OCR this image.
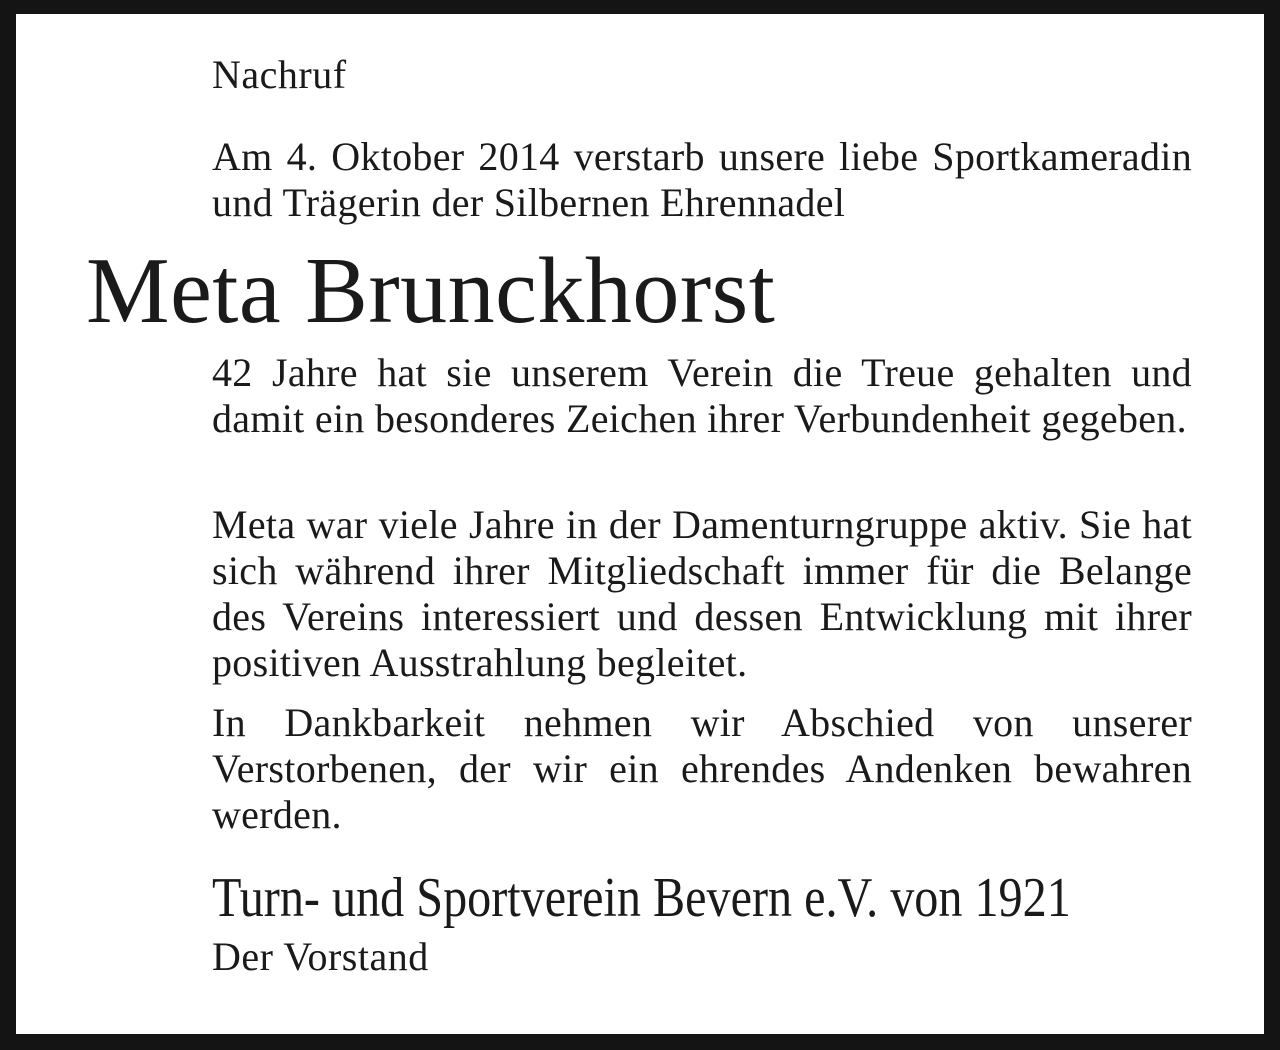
Nachruf
Am 4. Oktober 2014 verstarb unsere liebe Sportkameradin und Trägerin der Silbernen Ehrennadel
Meta Brunckhorst
42 Jahre hat sie unserem Verein die Treue gehalten und damit ein besonderes Zeichen ihrer Verbundenheit gegeben.
Meta war viele Jahre in der Damenturngruppe aktiv. Sie hat sich während ihrer Mitgliedschaft immer für die Belange des Vereins interessiert und dessen Entwicklung mit ihrer positiven Ausstrahlung begleitet.
In Dankbarkeit nehmen wir Abschied von unserer Verstorbenen, der wir ein ehrendes Andenken bewahren werden.
Turn- und Sportverein Bevern e.V. von 1921
Der Vorstand
